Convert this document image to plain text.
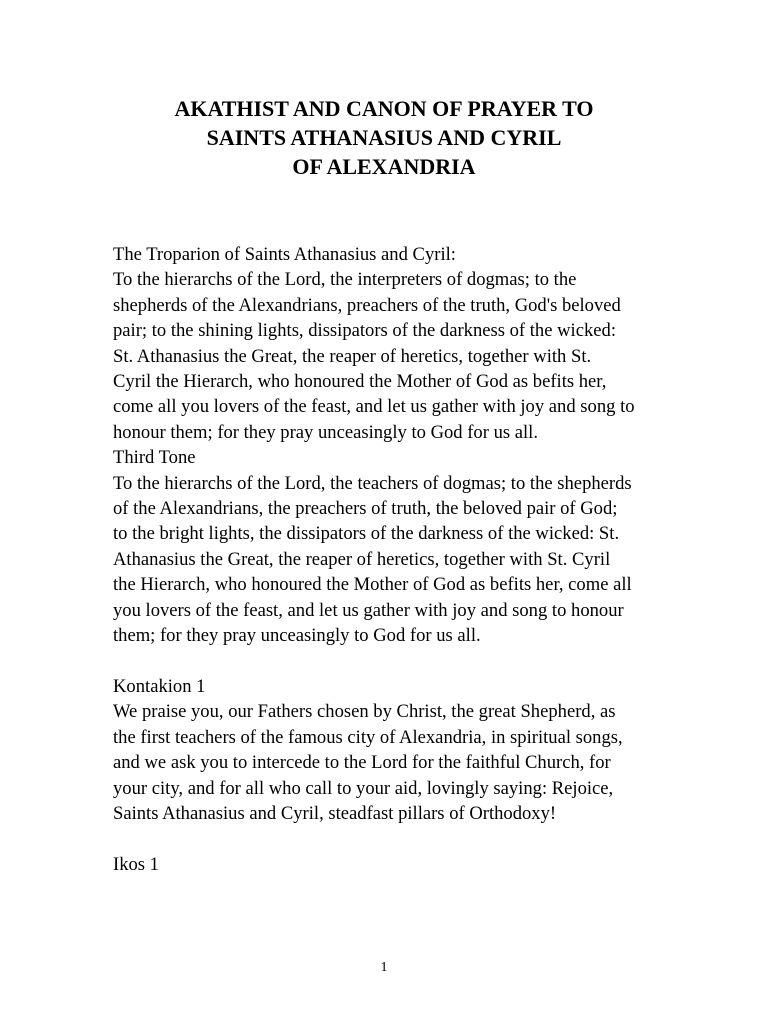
AKATHIST AND CANON OF PRAYER TO
SAINTS ATHANASIUS AND CYRIL
OF ALEXANDRIA
The Troparion of Saints Athanasius and Cyril:
To the hierarchs of the Lord, the interpreters of dogmas; to the
shepherds of the Alexandrians, preachers of the truth, God's beloved
pair; to the shining lights, dissipators of the darkness of the wicked:
St. Athanasius the Great, the reaper of heretics, together with St.
Cyril the Hierarch, who honoured the Mother of God as befits her,
come all you lovers of the feast, and let us gather with joy and song to
honour them; for they pray unceasingly to God for us all.
Third Tone
To the hierarchs of the Lord, the teachers of dogmas; to the shepherds
of the Alexandrians, the preachers of truth, the beloved pair of God;
to the bright lights, the dissipators of the darkness of the wicked: St.
Athanasius the Great, the reaper of heretics, together with St. Cyril
the Hierarch, who honoured the Mother of God as befits her, come all
you lovers of the feast, and let us gather with joy and song to honour
them; for they pray unceasingly to God for us all.
Kontakion 1
We praise you, our Fathers chosen by Christ, the great Shepherd, as
the first teachers of the famous city of Alexandria, in spiritual songs,
and we ask you to intercede to the Lord for the faithful Church, for
your city, and for all who call to your aid, lovingly saying: Rejoice,
Saints Athanasius and Cyril, steadfast pillars of Orthodoxy!
Ikos 1
1
